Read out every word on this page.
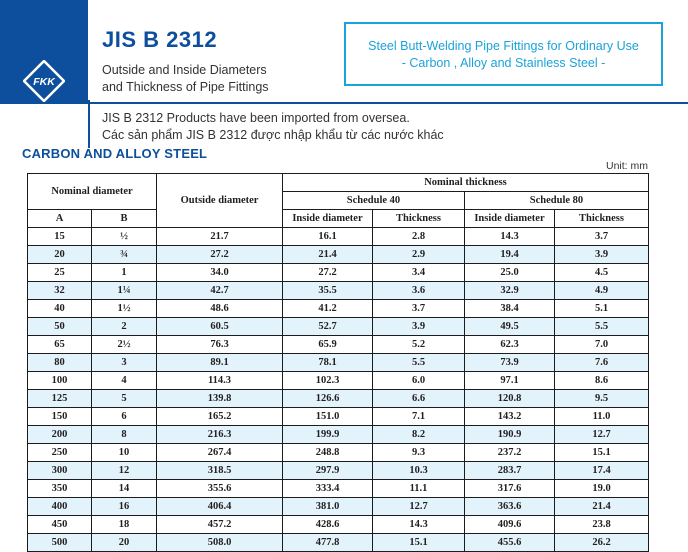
FKK
JIS B 2312
Outside and Inside Diameters
and Thickness of Pipe Fittings
Steel Butt-Welding Pipe Fittings for Ordinary Use
- Carbon , Alloy and Stainless Steel -
JIS B 2312 Products have been imported from oversea.
Các sản phẩm JIS B 2312 được nhập khẩu từ các nước khác
CARBON AND ALLOY STEEL
Unit: mm
Nominal diameter		Outside diameter	Nominal thickness			
			Schedule 40		Schedule 80	
A	B		Inside diameter	Thickness	Inside diameter	Thickness
15	½	21.7	16.1	2.8	14.3	3.7
20	¾	27.2	21.4	2.9	19.4	3.9
25	1	34.0	27.2	3.4	25.0	4.5
32	1¼	42.7	35.5	3.6	32.9	4.9
40	1½	48.6	41.2	3.7	38.4	5.1
50	2	60.5	52.7	3.9	49.5	5.5
65	2½	76.3	65.9	5.2	62.3	7.0
80	3	89.1	78.1	5.5	73.9	7.6
100	4	114.3	102.3	6.0	97.1	8.6
125	5	139.8	126.6	6.6	120.8	9.5
150	6	165.2	151.0	7.1	143.2	11.0
200	8	216.3	199.9	8.2	190.9	12.7
250	10	267.4	248.8	9.3	237.2	15.1
300	12	318.5	297.9	10.3	283.7	17.4
350	14	355.6	333.4	11.1	317.6	19.0
400	16	406.4	381.0	12.7	363.6	21.4
450	18	457.2	428.6	14.3	409.6	23.8
500	20	508.0	477.8	15.1	455.6	26.2
